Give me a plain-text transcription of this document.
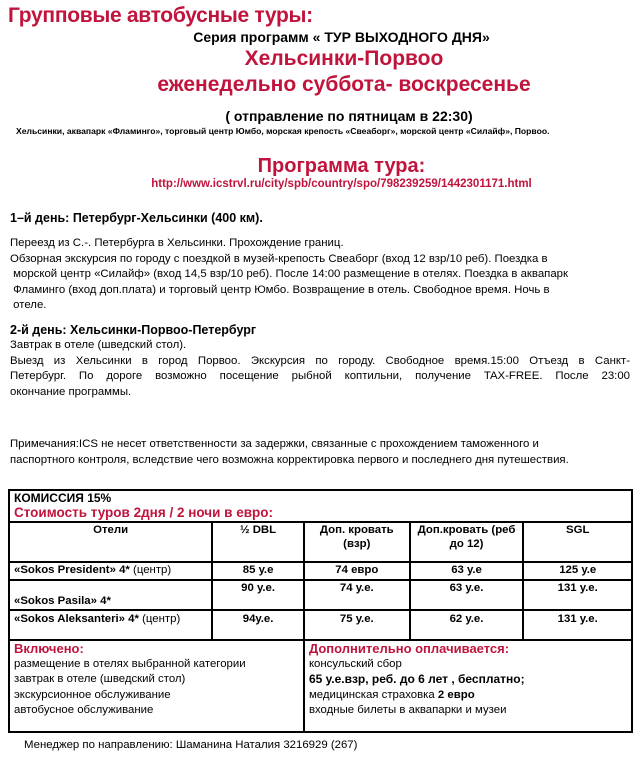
Групповые автобусные туры:
Серия программ « ТУР ВЫХОДНОГО ДНЯ»
Хельсинки-Порвоо
еженедельно суббота- воскресенье
( отправление по пятницам в 22:30)
Хельсинки, аквапарк «Фламинго», торговый центр Юмбо, морская крепость «Свеаборг», морской центр «Силайф», Порвоо.
Программа тура:
http://www.icstrvl.ru/city/spb/country/spo/798239259/1442301171.html
1–й день: Петербург-Хельсинки (400 км).
Переезд из С.-. Петербурга в Хельсинки. Прохождение границ.
Обзорная экскурсия по городу с поездкой в музей-крепость Свеаборг (вход 12 взр/10 реб). Поездка в
морской центр «Силайф» (вход 14,5 взр/10 реб). После 14:00 размещение в отелях. Поездка в аквапарк
Фламинго (вход доп.плата) и торговый центр Юмбо. Возвращение в отель. Свободное время. Ночь в
отеле.
2-й день: Хельсинки-Порвоо-Петербург
Завтрак в отеле (шведский стол).
Выезд из Хельсинки в город Порвоо. Экскурсия по городу. Свободное время.15:00 Отъезд в Санкт-
Петербург. По дороге возможно посещение рыбной коптильни, получение TAX-FREE. После 23:00
окончание программы.
Примечания:ICS не несет ответственности за задержки, связанные с прохождением таможенного и
паспортного контроля, вследствие чего возможна корректировка первого и последнего дня путешествия.
КОМИССИЯ 15%
Стоимость туров 2дня / 2 ночи в евро:				

Отели	½ DBL	Доп. кровать (взр)	Доп.кровать (реб до 12)	SGL
«Sokos President» 4* (центр)	85 у.е	74 евро	63 у.е	125 у.е
«Sokos Pasila» 4*	90 у.е.	74 у.е.	63 у.е.	131 у.е.
«Sokos Aleksanteri» 4* (центр)	94у.е.	75 у.е.	62 у.е.	131 у.е.

Включено:
размещение в отелях выбранной категории
завтрак в отеле (шведский стол)
экскурсионное обслуживание
автобусное обслуживание

Дополнительно оплачивается:
консульский сбор
65 у.е.взр, реб. до 6 лет , бесплатно;
медицинская страховка 2 евро
входные билеты в аквапарки и музеи
Менеджер по направлению: Шаманина Наталия 3216929 (267)
